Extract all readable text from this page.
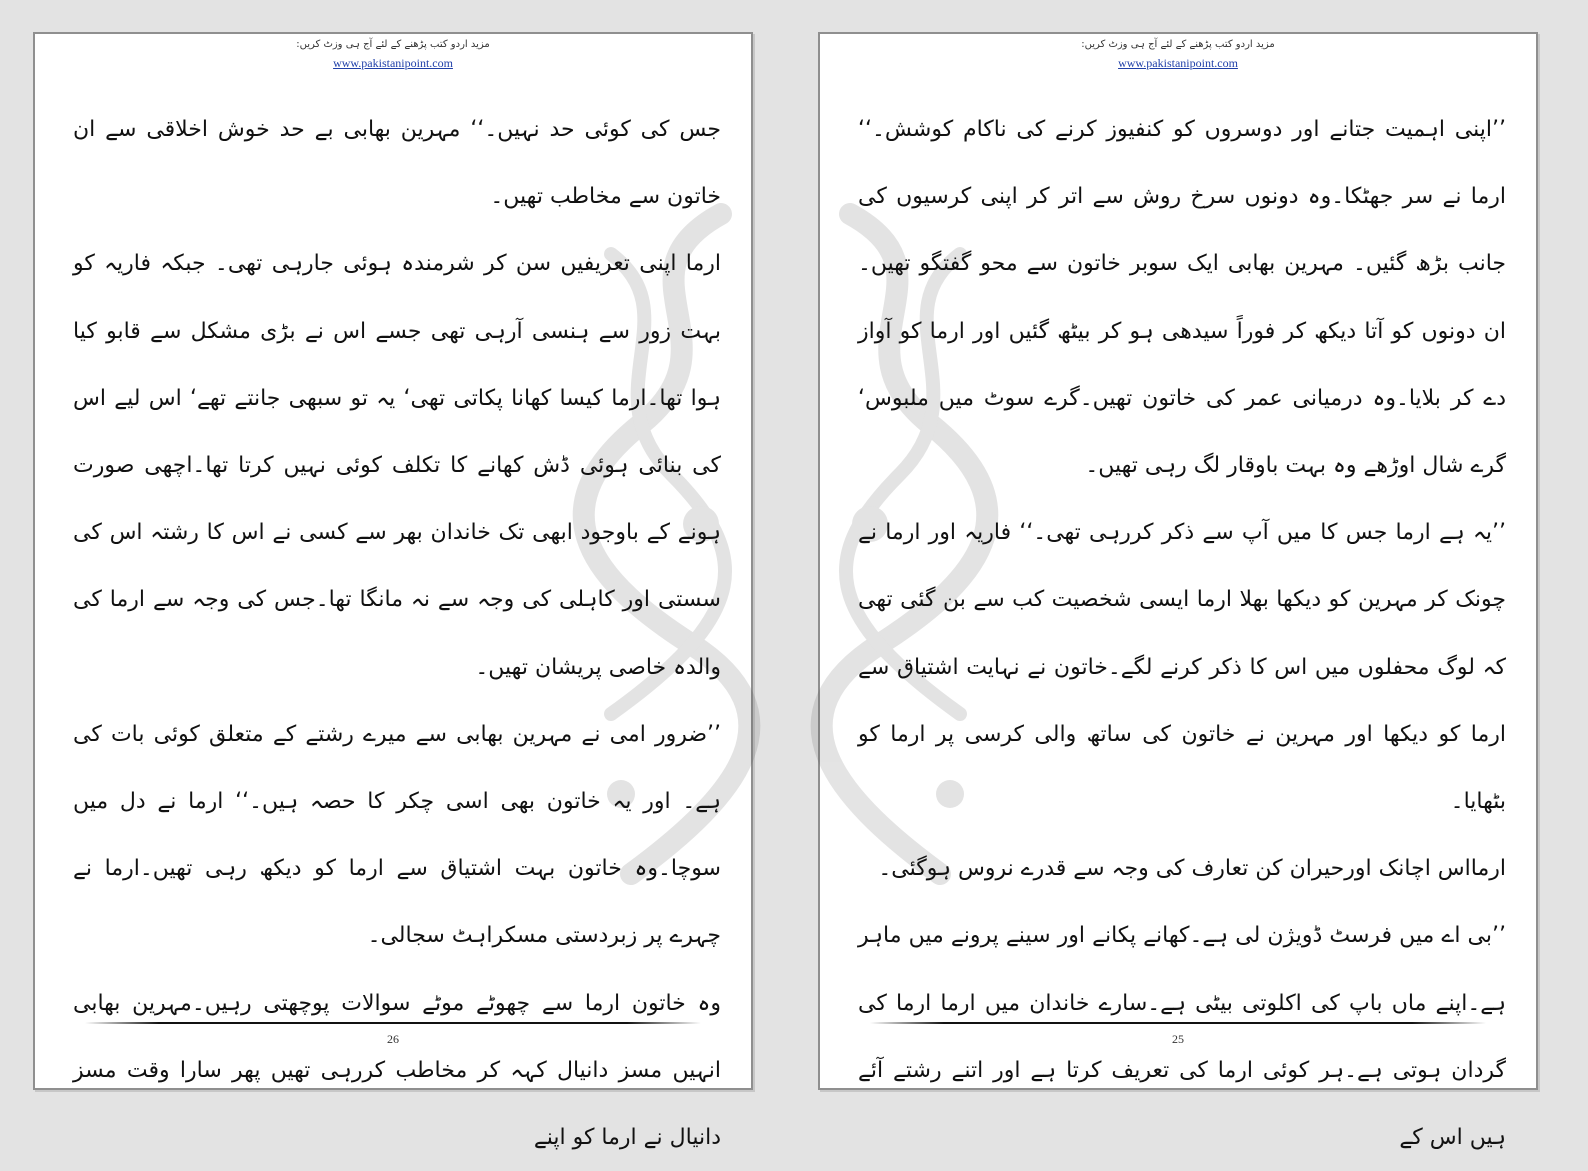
مزید اردو کتب پڑھنے کے لئے آج ہی وزٹ کریں:
www.pakistanipoint.com

جس کی کوئی حد نہیں۔‘‘ مہرین بھابی بے حد خوش اخلاقی سے ان خاتون سے مخاطب تھیں۔

ارما اپنی تعریفیں سن کر شرمندہ ہوئی جارہی تھی۔ جبکہ فاریہ کو بہت زور سے ہنسی آرہی تھی جسے اس نے بڑی مشکل سے قابو کیا ہوا تھا۔ارما کیسا کھانا پکاتی تھی‘ یہ تو سبھی جانتے تھے‘ اس لیے اس کی بنائی ہوئی ڈش کھانے کا تکلف کوئی نہیں کرتا تھا۔اچھی صورت ہونے کے باوجود ابھی تک خاندان بھر سے کسی نے اس کا رشتہ اس کی سستی اور کاہلی کی وجہ سے نہ مانگا تھا۔جس کی وجہ سے ارما کی والدہ خاصی پریشان تھیں۔

’’ضرور امی نے مہرین بھابی سے میرے رشتے کے متعلق کوئی بات کی ہے۔ اور یہ خاتون بھی اسی چکر کا حصہ ہیں۔‘‘ ارما نے دل میں سوچا۔وہ خاتون بہت اشتیاق سے ارما کو دیکھ رہی تھیں۔ارما نے چہرے پر زبردستی مسکراہٹ سجالی۔

وہ خاتون ارما سے چھوٹے موٹے سوالات پوچھتی رہیں۔مہرین بھابی انہیں مسز دانیال کہہ کر مخاطب کررہی تھیں پھر سارا وقت مسز دانیال نے ارما کو اپنے

26
مزید اردو کتب پڑھنے کے لئے آج ہی وزٹ کریں:
www.pakistanipoint.com

’’اپنی اہمیت جتانے اور دوسروں کو کنفیوز کرنے کی ناکام کوشش۔‘‘ ارما نے سر جھٹکا۔وہ دونوں سرخ روش سے اتر کر اپنی کرسیوں کی جانب بڑھ گئیں۔ مہرین بھابی ایک سوبر خاتون سے محو گفتگو تھیں۔ان دونوں کو آتا دیکھ کر فوراً سیدھی ہو کر بیٹھ گئیں اور ارما کو آواز دے کر بلایا۔وہ درمیانی عمر کی خاتون تھیں۔گرے سوٹ میں ملبوس‘ گرے شال اوڑھے وہ بہت باوقار لگ رہی تھیں۔

’’یہ ہے ارما جس کا میں آپ سے ذکر کررہی تھی۔‘‘ فاریہ اور ارما نے چونک کر مہرین کو دیکھا بھلا ارما ایسی شخصیت کب سے بن گئی تھی کہ لوگ محفلوں میں اس کا ذکر کرنے لگے۔خاتون نے نہایت اشتیاق سے ارما کو دیکھا اور مہرین نے خاتون کی ساتھ والی کرسی پر ارما کو بٹھایا۔

ارمااس اچانک اورحیران کن تعارف کی وجہ سے قدرے نروس ہوگئی۔

’’بی اے میں فرسٹ ڈویژن لی ہے۔کھانے پکانے اور سینے پرونے میں ماہر ہے۔اپنے ماں باپ کی اکلوتی بیٹی ہے۔سارے خاندان میں ارما ارما کی گردان ہوتی ہے۔ہر کوئی ارما کی تعریف کرتا ہے اور اتنے رشتے آئے ہیں اس کے

25
